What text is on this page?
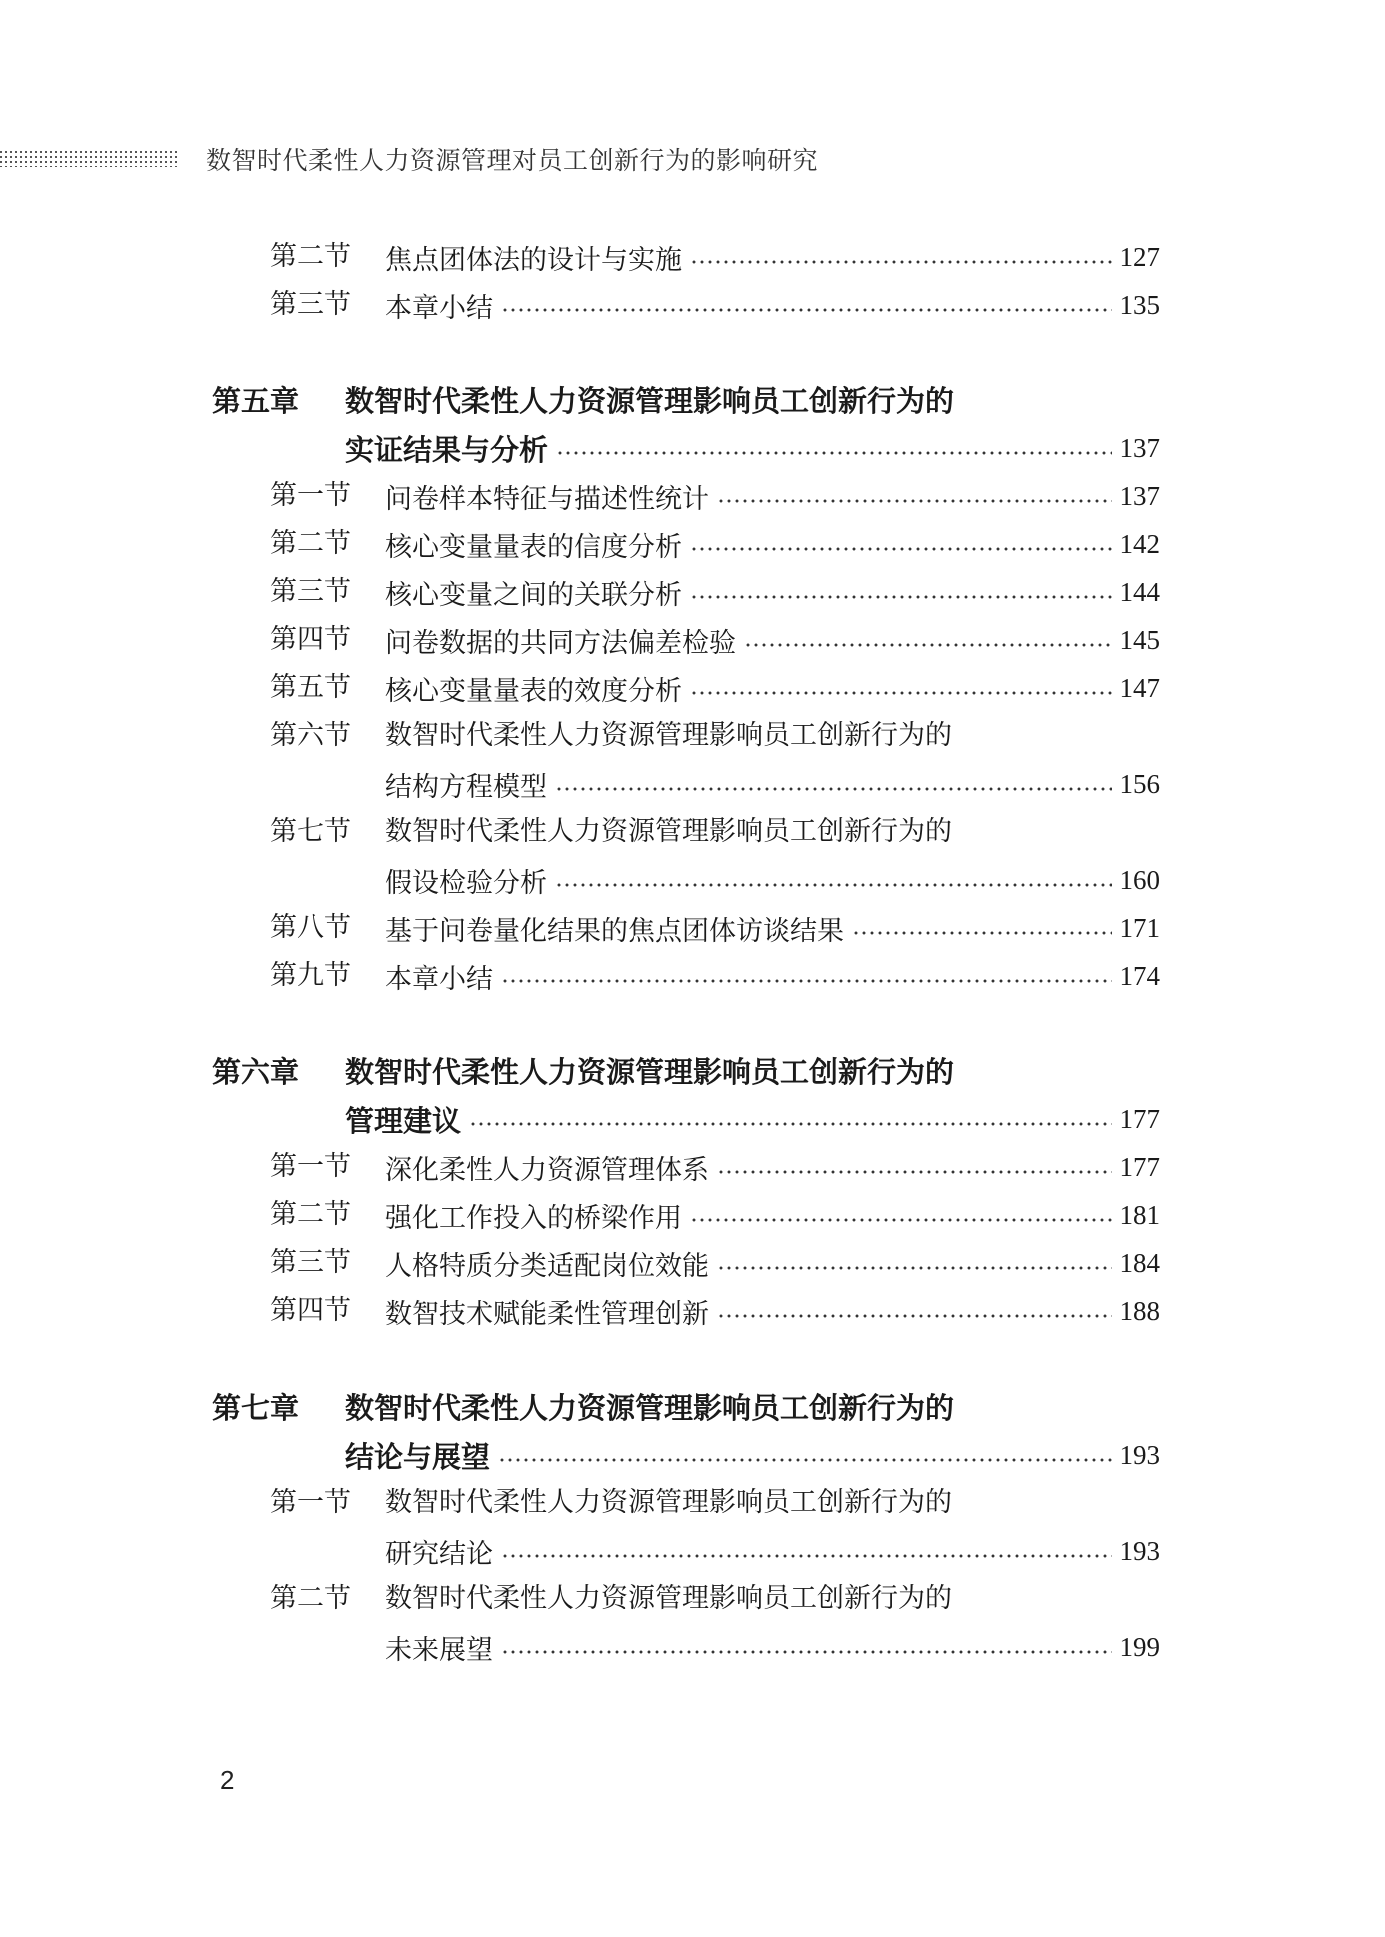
数智时代柔性人力资源管理对员工创新行为的影响研究
第二节 焦点团体法的设计与实施	127
第三节 本章小结	135
第五章 数智时代柔性人力资源管理影响员工创新行为的
实证结果与分析	137
第一节 问卷样本特征与描述性统计	137
第二节 核心变量量表的信度分析	142
第三节 核心变量之间的关联分析	144
第四节 问卷数据的共同方法偏差检验	145
第五节 核心变量量表的效度分析	147
第六节 数智时代柔性人力资源管理影响员工创新行为的
结构方程模型	156
第七节 数智时代柔性人力资源管理影响员工创新行为的
假设检验分析	160
第八节 基于问卷量化结果的焦点团体访谈结果	171
第九节 本章小结	174
第六章 数智时代柔性人力资源管理影响员工创新行为的
管理建议	177
第一节 深化柔性人力资源管理体系	177
第二节 强化工作投入的桥梁作用	181
第三节 人格特质分类适配岗位效能	184
第四节 数智技术赋能柔性管理创新	188
第七章 数智时代柔性人力资源管理影响员工创新行为的
结论与展望	193
第一节 数智时代柔性人力资源管理影响员工创新行为的
研究结论	193
第二节 数智时代柔性人力资源管理影响员工创新行为的
未来展望	199
2
